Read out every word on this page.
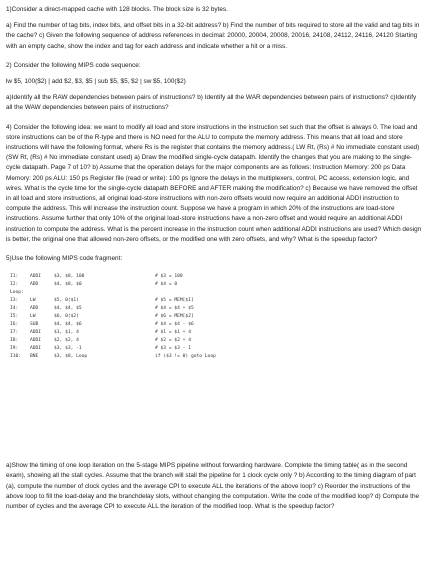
1)Consider a direct-mapped cache with 128 blocks. The block size is 32 bytes.

a) Find the number of tag bits, index bits, and offset bits in a 32-bit address? b) Find the number of bits required to store all the valid and tag bits in the cache? c) Given the following sequence of address references in decimal: 20000, 20004, 20008, 20016, 24108, 24112, 24116, 24120 Starting with an empty cache, show the index and tag for each address and indicate whether a hit or a miss.

2) Consider the following MIPS code sequence:

lw $5, 100($2) | add $2, $3, $5 | sub $5, $5, $2 | sw $5, 100($2)

a)Identify all the RAW dependencies between pairs of instructions? b) Identify all the WAR dependencies between pairs of instructions? c)Identify all the WAW dependencies between pairs of instructions?

4) Consider the following idea: we want to modify all load and store instructions in the instruction set such that the offset is always 0. The load and store instructions can be of the R-type and there is NO need for the ALU to compute the memory address. This means that all load and store instructions will have the following format, where Rs is the register that contains the memory address.( LW Rt, (Rs) # No immediate constant used) (SW Rt, (Rs) # No immediate constant used) a) Draw the modified single-cycle datapath. Identify the changes that you are making to the single-cycle datapath. Page 7 of 10? b) Assume that the operation delays for the major components are as follows: Instruction Memory: 200 ps Data Memory: 200 ps ALU: 150 ps Register file (read or write): 100 ps Ignore the delays in the multiplexers, control, PC access, extension logic, and wires. What is the cycle time for the single-cycle datapath BEFORE and AFTER making the modification? c) Because we have removed the offset in all load and store instructions, all original load-store instructions with non-zero offsets would now require an additional ADDI instruction to compute the address. This will increase the instruction count. Suppose we have a program in which 20% of the instructions are load-store instructions. Assume further that only 10% of the original load-store instructions have a non-zero offset and would require an additional ADDI instruction to compute the address. What is the percent increase in the instruction count when additional ADDI instructions are used? Which design is better, the original one that allowed non-zero offsets, or the modified one with zero offsets, and why? What is the speedup factor?

5)Use the following MIPS code fragment:

I1:	ADDI	$3, $0, 100	# $3 = 100
I2:	ADD	$4, $0, $0	# $4 = 0
Loop:
I3:	LW	$5, 0($1)	# $5 = MEM[$1]
I4:	ADD	$4, $4, $5	# $4 = $4 + $5
I5:	LW	$6, 0($2)	# $6 = MEM[$2]
I6:	SUB	$4, $4, $6	# $4 = $4 - $6
I7:	ADDI	$1, $1, 4	# $1 = $1 + 4
I8:	ADDI	$2, $2, 4	# $2 = $2 + 4
I9:	ADDI	$3, $3, -1	# $3 = $3 - 1
I10:	BNE	$3, $0, Loop	if ($3 != 0) goto Loop

a)Show the timing of one loop iteration on the 5-stage MIPS pipeline without forwarding hardware. Complete the timing table( as in the second exam), showing all the stall cycles. Assume that the branch will stall the pipeline for 1 clock cycle only ? b) According to the timing diagram of part (a), compute the number of clock cycles and the average CPI to execute ALL the iterations of the above loop? c) Reorder the instructions of the above loop to fill the load-delay and the branchdelay slots, without changing the computation. Write the code of the modified loop? d) Compute the number of cycles and the average CPI to execute ALL the iteration of the modified loop. What is the speedup factor?
